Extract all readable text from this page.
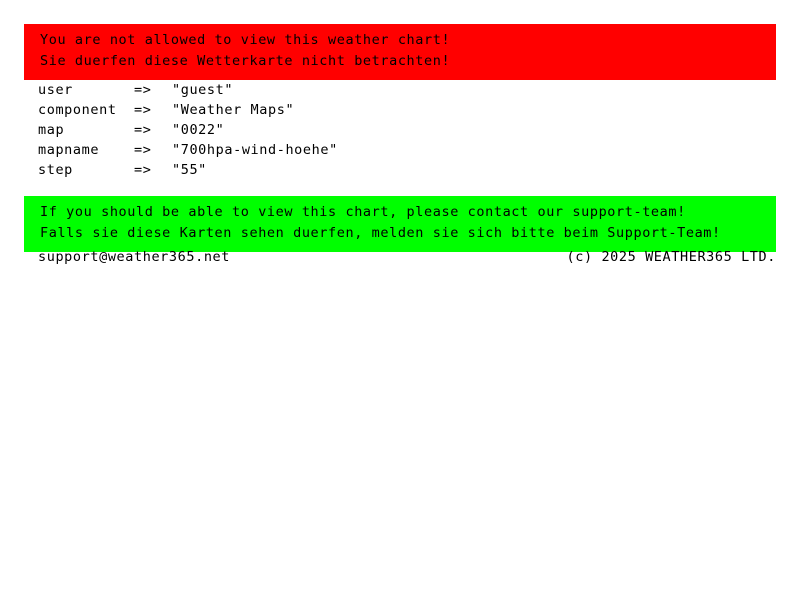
You are not allowed to view this weather chart!
Sie duerfen diese Wetterkarte nicht betrachten!
user	=>	"guest"
component	=>	"Weather Maps"
map	=>	"0022"
mapname	=>	"700hpa-wind-hoehe"
step	=>	"55"
If you should be able to view this chart, please contact our support-team!
Falls sie diese Karten sehen duerfen, melden sie sich bitte beim Support-Team!
support@weather365.net	(c) 2025 WEATHER365 LTD.
